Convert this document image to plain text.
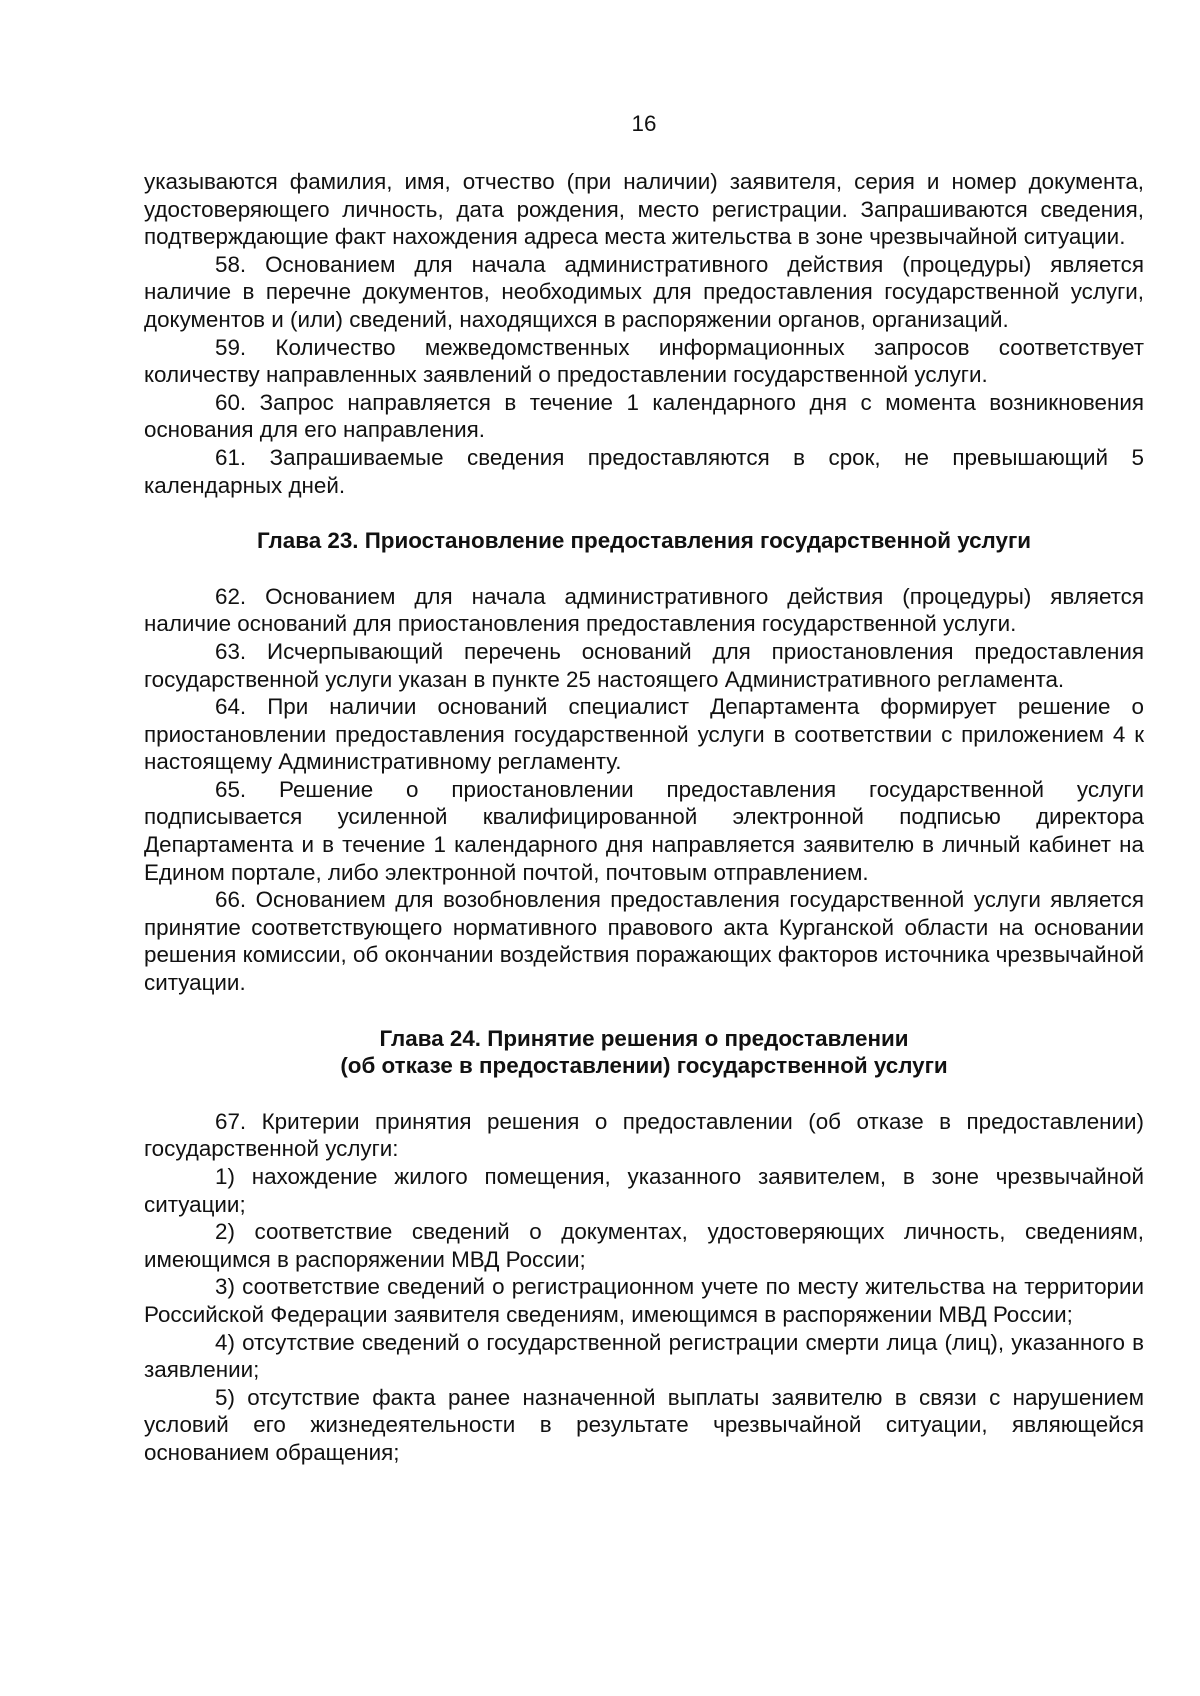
16

указываются фамилия, имя, отчество (при наличии) заявителя, серия и номер документа, удостоверяющего личность, дата рождения, место регистрации. Запрашиваются сведения, подтверждающие факт нахождения адреса места жительства в зоне чрезвычайной ситуации.

58. Основанием для начала административного действия (процедуры) является наличие в перечне документов, необходимых для предоставления государственной услуги, документов и (или) сведений, находящихся в распоряжении органов, организаций.

59. Количество межведомственных информационных запросов соответствует количеству направленных заявлений о предоставлении государственной услуги.

60. Запрос направляется в течение 1 календарного дня с момента возникновения основания для его направления.

61. Запрашиваемые сведения предоставляются в срок, не превышающий 5 календарных дней.

Глава 23. Приостановление предоставления государственной услуги

62. Основанием для начала административного действия (процедуры) является наличие оснований для приостановления предоставления государственной услуги.

63. Исчерпывающий перечень оснований для приостановления предоставления государственной услуги указан в пункте 25 настоящего Административного регламента.

64. При наличии оснований специалист Департамента формирует решение о приостановлении предоставления государственной услуги в соответствии с приложением 4 к настоящему Административному регламенту.

65. Решение о приостановлении предоставления государственной услуги подписывается усиленной квалифицированной электронной подписью директора Департамента и в течение 1 календарного дня направляется заявителю в личный кабинет на Едином портале, либо электронной почтой, почтовым отправлением.

66. Основанием для возобновления предоставления государственной услуги является принятие соответствующего нормативного правового акта Курганской области на основании решения комиссии, об окончании воздействия поражающих факторов источника чрезвычайной ситуации.

Глава 24. Принятие решения о предоставлении
(об отказе в предоставлении) государственной услуги

67. Критерии принятия решения о предоставлении (об отказе в предоставлении) государственной услуги:

1) нахождение жилого помещения, указанного заявителем, в зоне чрезвычайной ситуации;

2) соответствие сведений о документах, удостоверяющих личность, сведениям, имеющимся в распоряжении МВД России;

3) соответствие сведений о регистрационном учете по месту жительства на территории Российской Федерации заявителя сведениям, имеющимся в распоряжении МВД России;

4) отсутствие сведений о государственной регистрации смерти лица (лиц), указанного в заявлении;

5) отсутствие факта ранее назначенной выплаты заявителю в связи с нарушением условий его жизнедеятельности в результате чрезвычайной ситуации, являющейся основанием обращения;
